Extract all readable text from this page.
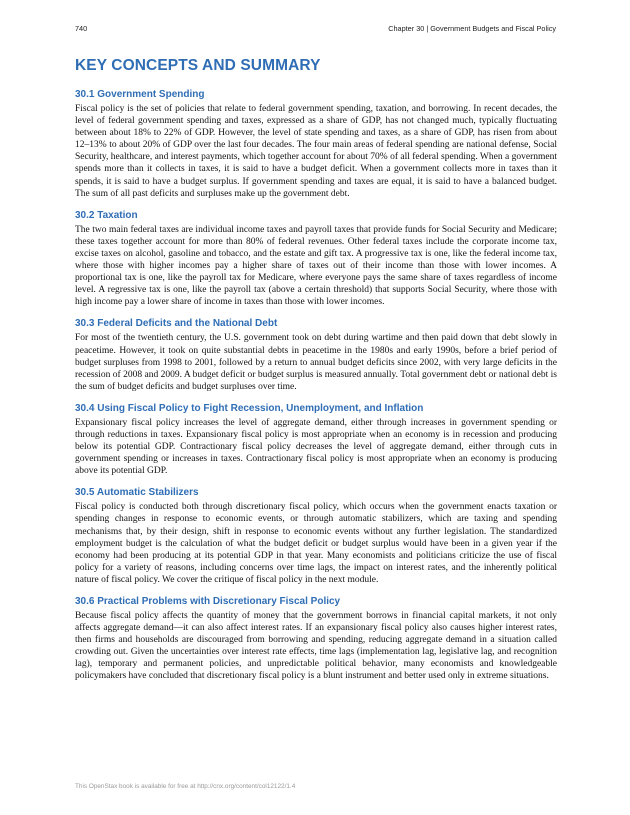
740	Chapter 30 | Government Budgets and Fiscal Policy
KEY CONCEPTS AND SUMMARY
30.1 Government Spending

Fiscal policy is the set of policies that relate to federal government spending, taxation, and borrowing. In recent decades, the level of federal government spending and taxes, expressed as a share of GDP, has not changed much, typically fluctuating between about 18% to 22% of GDP. However, the level of state spending and taxes, as a share of GDP, has risen from about 12–13% to about 20% of GDP over the last four decades. The four main areas of federal spending are national defense, Social Security, healthcare, and interest payments, which together account for about 70% of all federal spending. When a government spends more than it collects in taxes, it is said to have a budget deficit. When a government collects more in taxes than it spends, it is said to have a budget surplus. If government spending and taxes are equal, it is said to have a balanced budget. The sum of all past deficits and surpluses make up the government debt.

30.2 Taxation

The two main federal taxes are individual income taxes and payroll taxes that provide funds for Social Security and Medicare; these taxes together account for more than 80% of federal revenues. Other federal taxes include the corporate income tax, excise taxes on alcohol, gasoline and tobacco, and the estate and gift tax. A progressive tax is one, like the federal income tax, where those with higher incomes pay a higher share of taxes out of their income than those with lower incomes. A proportional tax is one, like the payroll tax for Medicare, where everyone pays the same share of taxes regardless of income level. A regressive tax is one, like the payroll tax (above a certain threshold) that supports Social Security, where those with high income pay a lower share of income in taxes than those with lower incomes.

30.3 Federal Deficits and the National Debt

For most of the twentieth century, the U.S. government took on debt during wartime and then paid down that debt slowly in peacetime. However, it took on quite substantial debts in peacetime in the 1980s and early 1990s, before a brief period of budget surpluses from 1998 to 2001, followed by a return to annual budget deficits since 2002, with very large deficits in the recession of 2008 and 2009. A budget deficit or budget surplus is measured annually. Total government debt or national debt is the sum of budget deficits and budget surpluses over time.

30.4 Using Fiscal Policy to Fight Recession, Unemployment, and Inflation

Expansionary fiscal policy increases the level of aggregate demand, either through increases in government spending or through reductions in taxes. Expansionary fiscal policy is most appropriate when an economy is in recession and producing below its potential GDP. Contractionary fiscal policy decreases the level of aggregate demand, either through cuts in government spending or increases in taxes. Contractionary fiscal policy is most appropriate when an economy is producing above its potential GDP.

30.5 Automatic Stabilizers

Fiscal policy is conducted both through discretionary fiscal policy, which occurs when the government enacts taxation or spending changes in response to economic events, or through automatic stabilizers, which are taxing and spending mechanisms that, by their design, shift in response to economic events without any further legislation. The standardized employment budget is the calculation of what the budget deficit or budget surplus would have been in a given year if the economy had been producing at its potential GDP in that year. Many economists and politicians criticize the use of fiscal policy for a variety of reasons, including concerns over time lags, the impact on interest rates, and the inherently political nature of fiscal policy. We cover the critique of fiscal policy in the next module.

30.6 Practical Problems with Discretionary Fiscal Policy

Because fiscal policy affects the quantity of money that the government borrows in financial capital markets, it not only affects aggregate demand—it can also affect interest rates. If an expansionary fiscal policy also causes higher interest rates, then firms and households are discouraged from borrowing and spending, reducing aggregate demand in a situation called crowding out. Given the uncertainties over interest rate effects, time lags (implementation lag, legislative lag, and recognition lag), temporary and permanent policies, and unpredictable political behavior, many economists and knowledgeable policymakers have concluded that discretionary fiscal policy is a blunt instrument and better used only in extreme situations.

This OpenStax book is available for free at http://cnx.org/content/col12122/1.4
